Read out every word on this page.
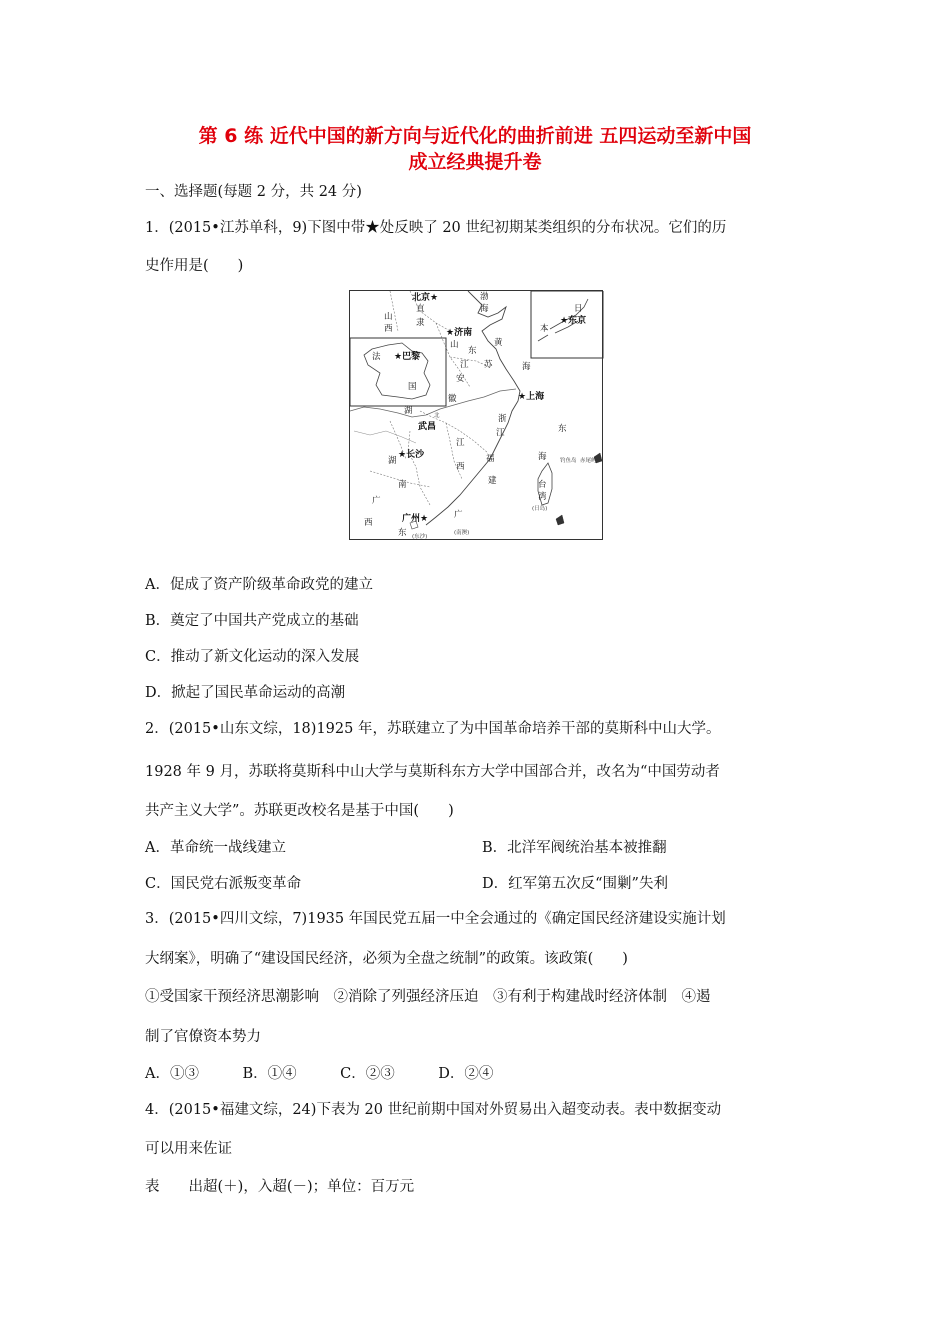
第 6 练 近代中国的新方向与近代化的曲折前进 五四运动至新中国
成立经典提升卷
一、选择题(每题 2 分，共 24 分)
1．(2015•江苏单科，9)下图中带★处反映了 20 世纪初期某类组织的分布状况。它们的历
史作用是(　　)
北京★	渤
海	日
本
★东京
山
西
直
隶
★济南
山
东
黄
海
法 ★巴黎
国
江 苏
安
徽	★上海
湖	北
武昌
浙
江	东
海 钓鱼岛 赤尾屿
江
西
福
建
★长沙
湖
南	台
湾
(日岛)
广
西	广州★	广
东 (东沙)
(南澳)
A．促成了资产阶级革命政党的建立
B．奠定了中国共产党成立的基础
C．推动了新文化运动的深入发展
D．掀起了国民革命运动的高潮
2．(2015•山东文综，18)1925 年，苏联建立了为中国革命培养干部的莫斯科中山大学。
1928 年 9 月，苏联将莫斯科中山大学与莫斯科东方大学中国部合并，改名为“中国劳动者
共产主义大学”。苏联更改校名是基于中国(　　)
A．革命统一战线建立	B．北洋军阀统治基本被推翻
C．国民党右派叛变革命	D．红军第五次反“围剿”失利
3．(2015•四川文综，7)1935 年国民党五届一中全会通过的《确定国民经济建设实施计划
大纲案》，明确了“建设国民经济，必须为全盘之统制”的政策。该政策(　　)
①受国家干预经济思潮影响　②消除了列强经济压迫　③有利于构建战时经济体制　④遏
制了官僚资本势力
A．①③　　　B．①④　　　C．②③　　　D．②④
4．(2015•福建文综，24)下表为 20 世纪前期中国对外贸易出入超变动表。表中数据变动
可以用来佐证
表　　出超(＋)，入超(－)；单位：百万元
